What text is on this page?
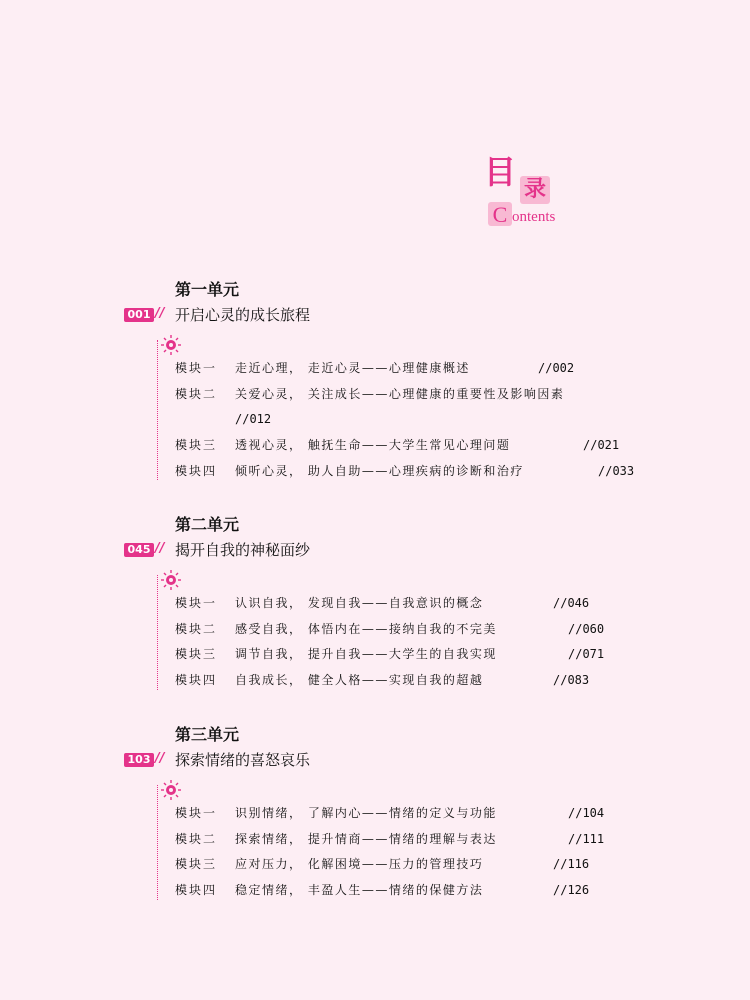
目 录
C ontents
第一单元
001 // 开启心灵的成长旅程
模块一 走近心理， 走近心灵——心理健康概述	//002
模块二 关爱心灵， 关注成长——心理健康的重要性及影响因素
//012
模块三 透视心灵， 触抚生命——大学生常见心理问题	//021
模块四 倾听心灵， 助人自助——心理疾病的诊断和治疗	//033
第二单元
045 // 揭开自我的神秘面纱
模块一 认识自我， 发现自我——自我意识的概念	//046
模块二 感受自我， 体悟内在——接纳自我的不完美	//060
模块三 调节自我， 提升自我——大学生的自我实现	//071
模块四 自我成长， 健全人格——实现自我的超越	//083
第三单元
103 // 探索情绪的喜怒哀乐
模块一 识别情绪， 了解内心——情绪的定义与功能	//104
模块二 探索情绪， 提升情商——情绪的理解与表达	//111
模块三 应对压力， 化解困境——压力的管理技巧	//116
模块四 稳定情绪， 丰盈人生——情绪的保健方法	//126
